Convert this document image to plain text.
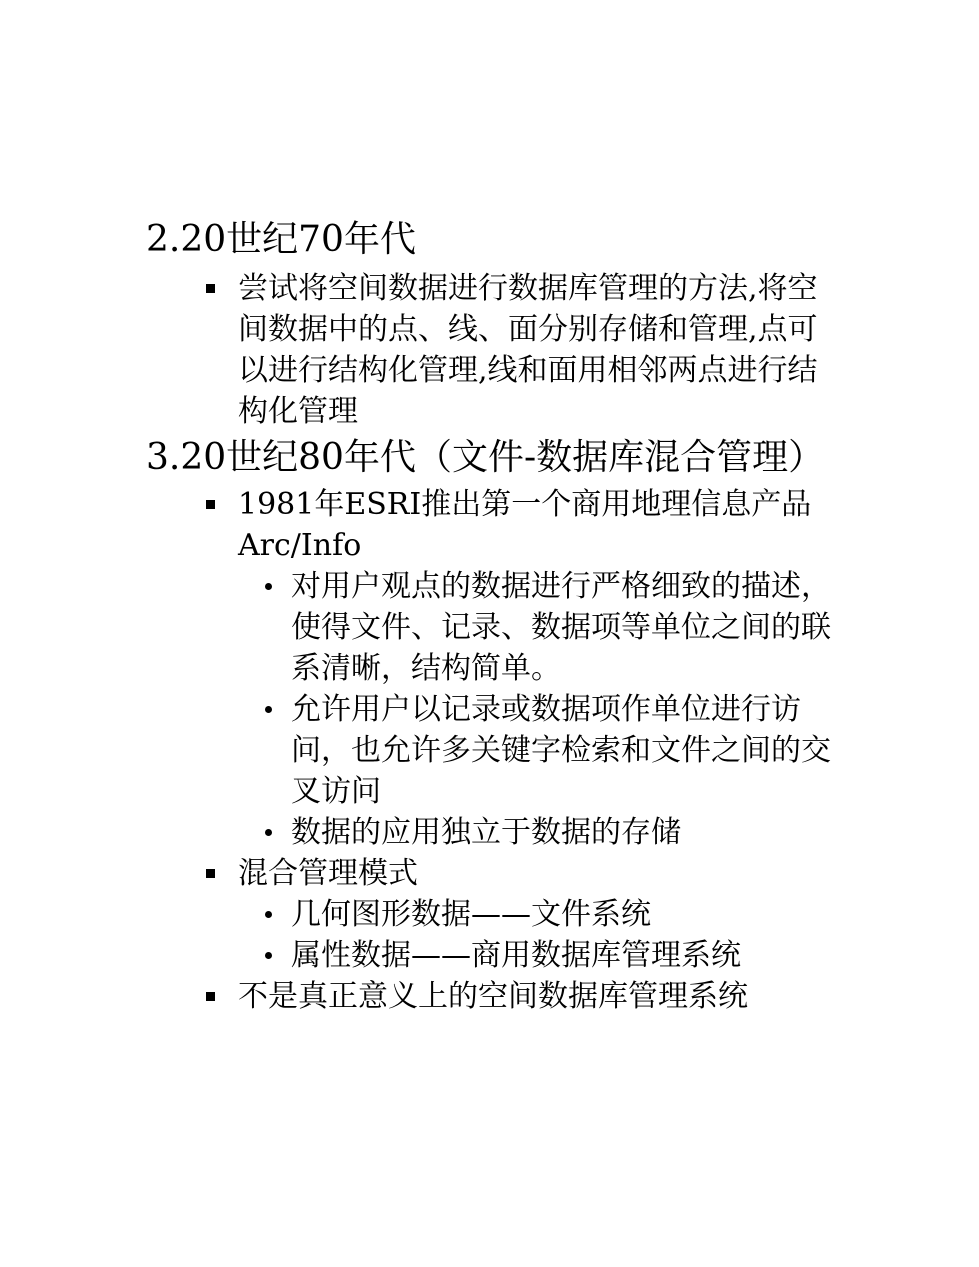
2.20世纪70年代
尝试将空间数据进行数据库管理的方法,将空间数据中的点、线、面分别存储和管理,点可以进行结构化管理,线和面用相邻两点进行结构化管理
3.20世纪80年代（文件-数据库混合管理）
1981年ESRI推出第一个商用地理信息产品Arc/Info
对用户观点的数据进行严格细致的描述，使得文件、记录、数据项等单位之间的联系清晰，结构简单。
允许用户以记录或数据项作单位进行访问，也允许多关键字检索和文件之间的交叉访问
数据的应用独立于数据的存储
混合管理模式
几何图形数据——文件系统
属性数据——商用数据库管理系统
不是真正意义上的空间数据库管理系统
